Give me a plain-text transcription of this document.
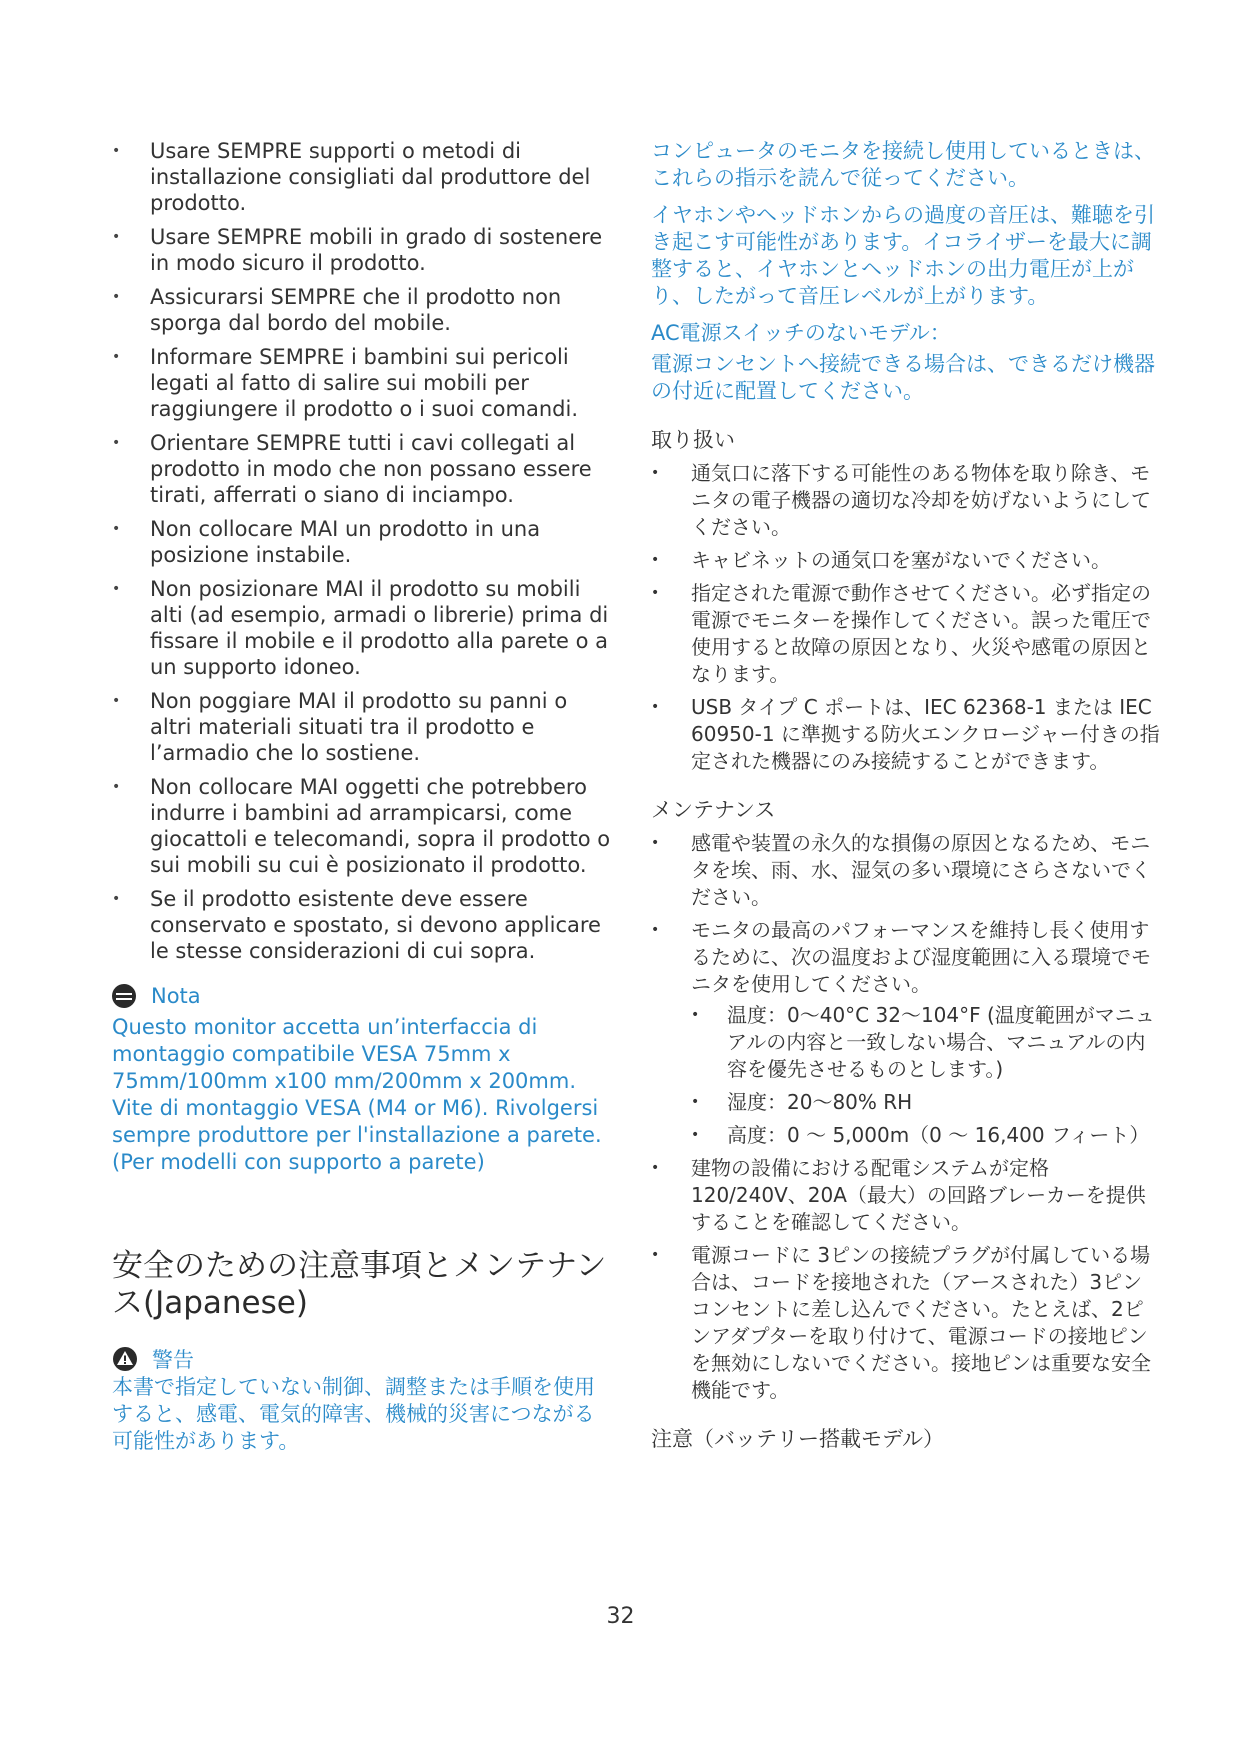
• Usare SEMPRE supporti o metodi di installazione consigliati dal produttore del prodotto.
• Usare SEMPRE mobili in grado di sostenere in modo sicuro il prodotto.
• Assicurarsi SEMPRE che il prodotto non sporga dal bordo del mobile.
• Informare SEMPRE i bambini sui pericoli legati al fatto di salire sui mobili per raggiungere il prodotto o i suoi comandi.
• Orientare SEMPRE tutti i cavi collegati al prodotto in modo che non possano essere tirati, afferrati o siano di inciampo.
• Non collocare MAI un prodotto in una posizione instabile.
• Non posizionare MAI il prodotto su mobili alti (ad esempio, armadi o librerie) prima di fissare il mobile e il prodotto alla parete o a un supporto idoneo.
• Non poggiare MAI il prodotto su panni o altri materiali situati tra il prodotto e l’armadio che lo sostiene.
• Non collocare MAI oggetti che potrebbero indurre i bambini ad arrampicarsi, come giocattoli e telecomandi, sopra il prodotto o sui mobili su cui è posizionato il prodotto.
• Se il prodotto esistente deve essere conservato e spostato, si devono applicare le stesse considerazioni di cui sopra.
Nota
Questo monitor accetta un’interfaccia di montaggio compatibile VESA 75mm x 75mm/100mm x100 mm/200mm x 200mm. Vite di montaggio VESA (M4 or M6). Rivolgersi sempre produttore per l'installazione a parete. (Per modelli con supporto a parete)
安全のための注意事項とメンテナンス(Japanese)
警告
本書で指定していない制御、調整または手順を使用すると、感電、電気的障害、機械的災害につながる可能性があります。

コンピュータのモニタを接続し使用しているときは、これらの指示を読んで従ってください。

イヤホンやヘッドホンからの過度の音圧は、難聴を引き起こす可能性があります。イコライザーを最大に調整すると、イヤホンとヘッドホンの出力電圧が上がり、したがって音圧レベルが上がります。

AC電源スイッチのないモデル：

電源コンセントへ接続できる場合は、できるだけ機器の付近に配置してください。

取り扱い
• 通気口に落下する可能性のある物体を取り除き、モニタの電子機器の適切な冷却を妨げないようにしてください。
• キャビネットの通気口を塞がないでください。
• 指定された電源で動作させてください。必ず指定の電源でモニターを操作してください。誤った電圧で使用すると故障の原因となり、火災や感電の原因となります。
• USB タイプ C ポートは、IEC 62368-1 または IEC 60950-1 に準拠する防火エンクロージャー付きの指定された機器にのみ接続することができます。
メンテナンス
• 感電や装置の永久的な損傷の原因となるため、モニタを埃、雨、水、湿気の多い環境にさらさないでください。
• モニタの最高のパフォーマンスを維持し長く使用するために、次の温度および湿度範囲に入る環境でモニタを使用してください。
• 温度：0〜40°C 32〜104°F (温度範囲がマニュアルの内容と一致しない場合、マニュアルの内容を優先させるものとします。)
• 湿度：20〜80% RH
• 高度：0 〜 5,000m（0 〜 16,400 フィート）
• 建物の設備における配電システムが定格120/240V、20A（最大）の回路ブレーカーを提供することを確認してください。
• 電源コードに 3ピンの接続プラグが付属している場合は、コードを接地された（アースされた）3ピンコンセントに差し込んでください。たとえば、2ピンアダプターを取り付けて、電源コードの接地ピンを無効にしないでください。接地ピンは重要な安全機能です。
注意（バッテリー搭載モデル）
32
